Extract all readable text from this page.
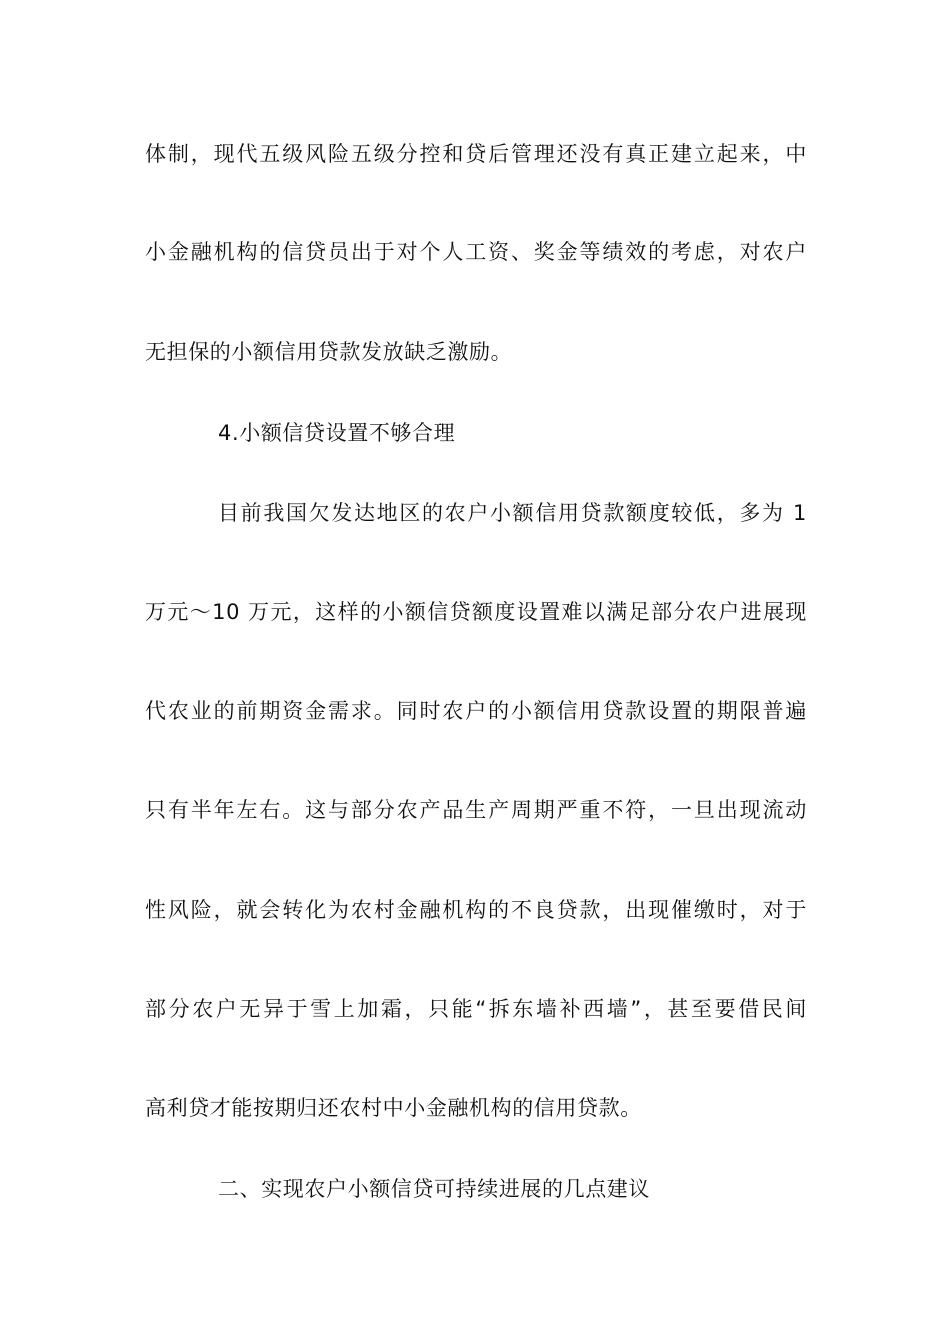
体制，现代五级风险五级分控和贷后管理还没有真正建立起来，中
小金融机构的信贷员出于对个人工资、奖金等绩效的考虑，对农户
无担保的小额信用贷款发放缺乏激励。
4.小额信贷设置不够合理
目前我国欠发达地区的农户小额信用贷款额度较低，多为 1
万元～10 万元，这样的小额信贷额度设置难以满足部分农户进展现
代农业的前期资金需求。同时农户的小额信用贷款设置的期限普遍
只有半年左右。这与部分农产品生产周期严重不符，一旦出现流动
性风险，就会转化为农村金融机构的不良贷款，出现催缴时，对于
部分农户无异于雪上加霜，只能“拆东墙补西墙”，甚至要借民间
高利贷才能按期归还农村中小金融机构的信用贷款。
二、实现农户小额信贷可持续进展的几点建议
